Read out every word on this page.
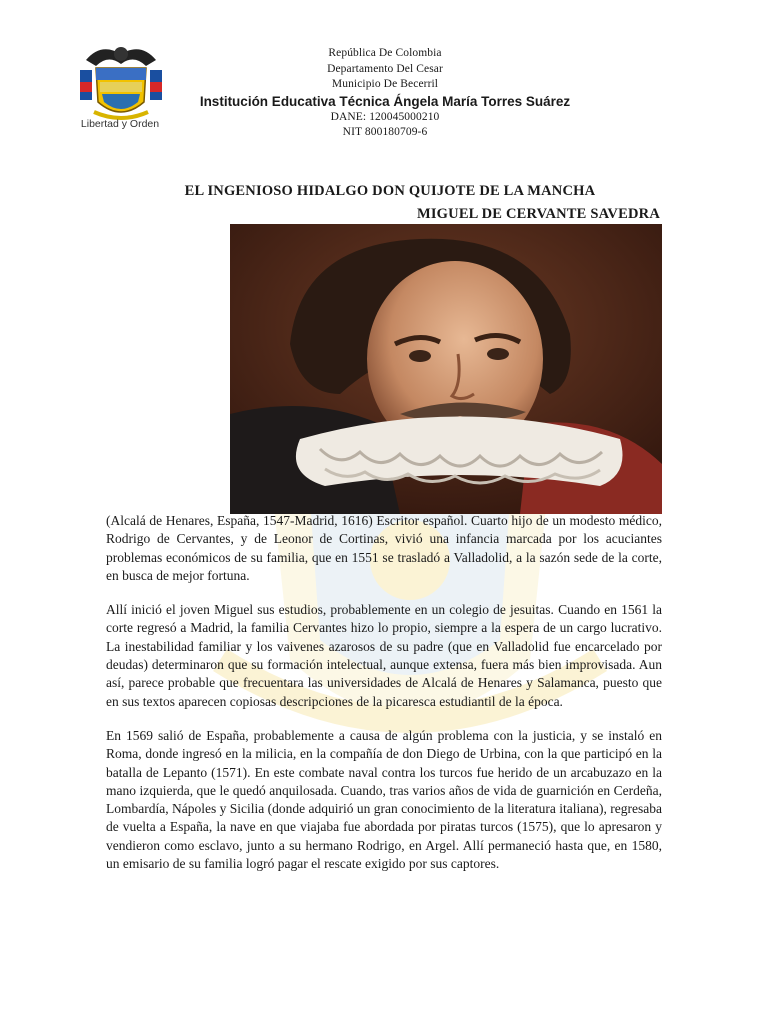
Libertad y Orden
República De Colombia
Departamento Del Cesar
Municipio De Becerril
Institución Educativa Técnica Ángela María Torres Suárez
DANE: 120045000210
NIT 800180709-6
EL INGENIOSO HIDALGO DON QUIJOTE DE LA MANCHA
MIGUEL DE CERVANTE SAVEDRA

(Alcalá de Henares, España, 1547-Madrid, 1616) Escritor español. Cuarto hijo de un modesto médico, Rodrigo de Cervantes, y de Leonor de Cortinas, vivió una infancia marcada por los acuciantes problemas económicos de su familia, que en 1551 se trasladó a Valladolid, a la sazón sede de la corte, en busca de mejor fortuna.

Allí inició el joven Miguel sus estudios, probablemente en un colegio de jesuitas. Cuando en 1561 la corte regresó a Madrid, la familia Cervantes hizo lo propio, siempre a la espera de un cargo lucrativo. La inestabilidad familiar y los vaivenes azarosos de su padre (que en Valladolid fue encarcelado por deudas) determinaron que su formación intelectual, aunque extensa, fuera más bien improvisada. Aun así, parece probable que frecuentara las universidades de Alcalá de Henares y Salamanca, puesto que en sus textos aparecen copiosas descripciones de la picaresca estudiantil de la época.

En 1569 salió de España, probablemente a causa de algún problema con la justicia, y se instaló en Roma, donde ingresó en la milicia, en la compañía de don Diego de Urbina, con la que participó en la batalla de Lepanto (1571). En este combate naval contra los turcos fue herido de un arcabuzazo en la mano izquierda, que le quedó anquilosada. Cuando, tras varios años de vida de guarnición en Cerdeña, Lombardía, Nápoles y Sicilia (donde adquirió un gran conocimiento de la literatura italiana), regresaba de vuelta a España, la nave en que viajaba fue abordada por piratas turcos (1575), que lo apresaron y vendieron como esclavo, junto a su hermano Rodrigo, en Argel. Allí permaneció hasta que, en 1580, un emisario de su familia logró pagar el rescate exigido por sus captores.
